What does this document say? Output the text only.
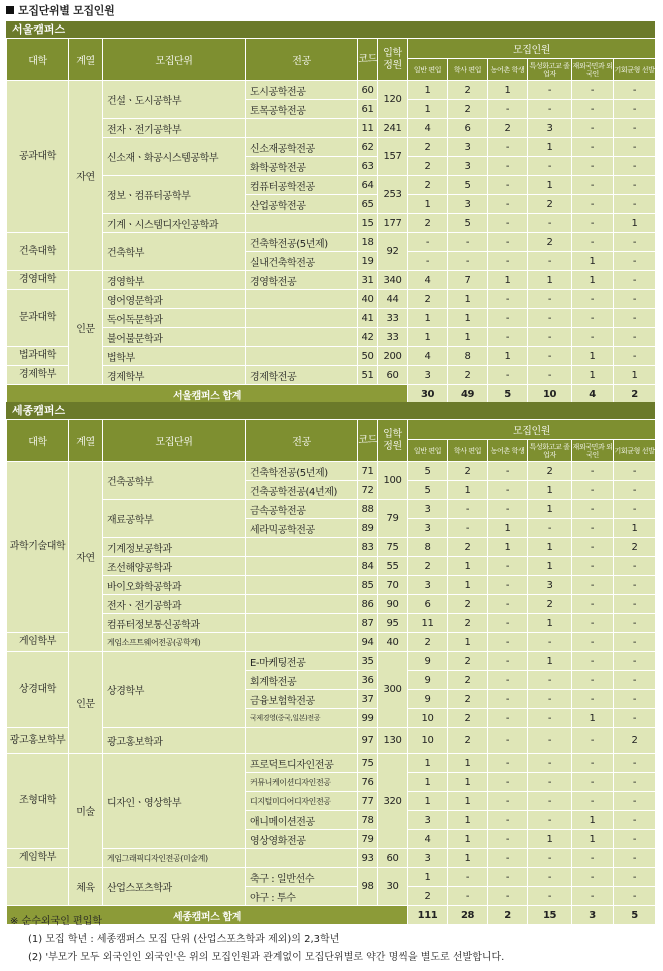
모집단위별 모집인원
서울캠퍼스
대학	계열	모집단위	전공	코드	입학 정원	모집인원					
						일반 편입	학사 편입	농어촌 학생	특성화고교 졸업자	재외국민과 외국인	기회균형 선발
공과대학	자연	건설ㆍ도시공학부	도시공학전공	60	120	1	2	1	-	-	-
			토목공학전공	61		1	2	-	-	-	-
		전자ㆍ전기공학부		11	241	4	6	2	3	-	-
		신소재ㆍ화공시스템공학부	신소재공학전공	62	157	2	3	-	1	-	-
			화학공학전공	63		2	3	-	-	-	-
		정보ㆍ컴퓨터공학부	컴퓨터공학전공	64	253	2	5	-	1	-	-
			산업공학전공	65		1	3	-	2	-	-
		기계ㆍ시스템디자인공학과		15	177	2	5	-	-	-	1
건축대학		건축학부	건축학전공(5년제)	18	92	-	-	-	2	-	-
			실내건축학전공	19		-	-	-	-	1	-
경영대학	인문	경영학부	경영학전공	31	340	4	7	1	1	1	-
문과대학		영어영문학과		40	44	2	1	-	-	-	-
		독어독문학과		41	33	1	1	-	-	-	-
		불어불문학과		42	33	1	1	-	-	-	-
법과대학		법학부		50	200	4	8	1	-	1	-
경제학부		경제학부	경제학전공	51	60	3	2	-	-	1	1
서울캠퍼스 합계						30	49	5	10	4	2
세종캠퍼스
대학	계열	모집단위	전공	코드	입학 정원	모집인원					
						일반 편입	학사 편입	농어촌 학생	특성화고교 졸업자	재외국민과 외국인	기회균형 선발
과학기술대학	자연	건축공학부	건축학전공(5년제)	71	100	5	2	-	2	-	-
			건축공학전공(4년제)	72		5	1	-	1	-	-
		재료공학부	금속공학전공	88	79	3	-	-	1	-	-
			세라믹공학전공	89		3	-	1	-	-	1
		기계정보공학과		83	75	8	2	1	1	-	2
		조선해양공학과		84	55	2	1	-	1	-	-
		바이오화학공학과		85	70	3	1	-	3	-	-
		전자ㆍ전기공학과		86	90	6	2	-	2	-	-
		컴퓨터정보통신공학과		87	95	11	2	-	1	-	-
게임학부		게임소프트웨어전공(공학계)		94	40	2	1	-	-	-	-
상경대학	인문	상경학부	E-마케팅전공	35	300	9	2	-	1	-	-
			회계학전공	36		9	2	-	-	-	-
			금융보험학전공	37		9	2	-	-	-	-
			국제경영(중국,일본)전공	99		10	2	-	-	1	-
광고홍보학부		광고홍보학과		97	130	10	2	-	-	-	2
조형대학	미술	디자인ㆍ영상학부	프로덕트디자인전공	75	320	1	1	-	-	-	-
			커뮤니케이션디자인전공	76		1	1	-	-	-	-
			디지털미디어디자인전공	77		1	1	-	-	-	-
			애니메이션전공	78		3	1	-	-	1	-
			영상영화전공	79		4	1	-	1	1	-
게임학부		게임그래픽디자인전공(미술계)		93	60	3	1	-	-	-	-
	체육	산업스포츠학과	축구 : 일반선수	98	30	1	-	-	-	-	-
			야구 : 투수			2	-	-	-	-	-
세종캠퍼스 합계						111	28	2	15	3	5
※ 순수외국인 편입학
(1) 모집 학년 : 세종캠퍼스 모집 단위 (산업스포츠학과 제외)의 2,3학년
(2) '부모가 모두 외국인인 외국인'은 위의 모집인원과 관계없이 모집단위별로 약간 명씩을 별도로 선발합니다.
